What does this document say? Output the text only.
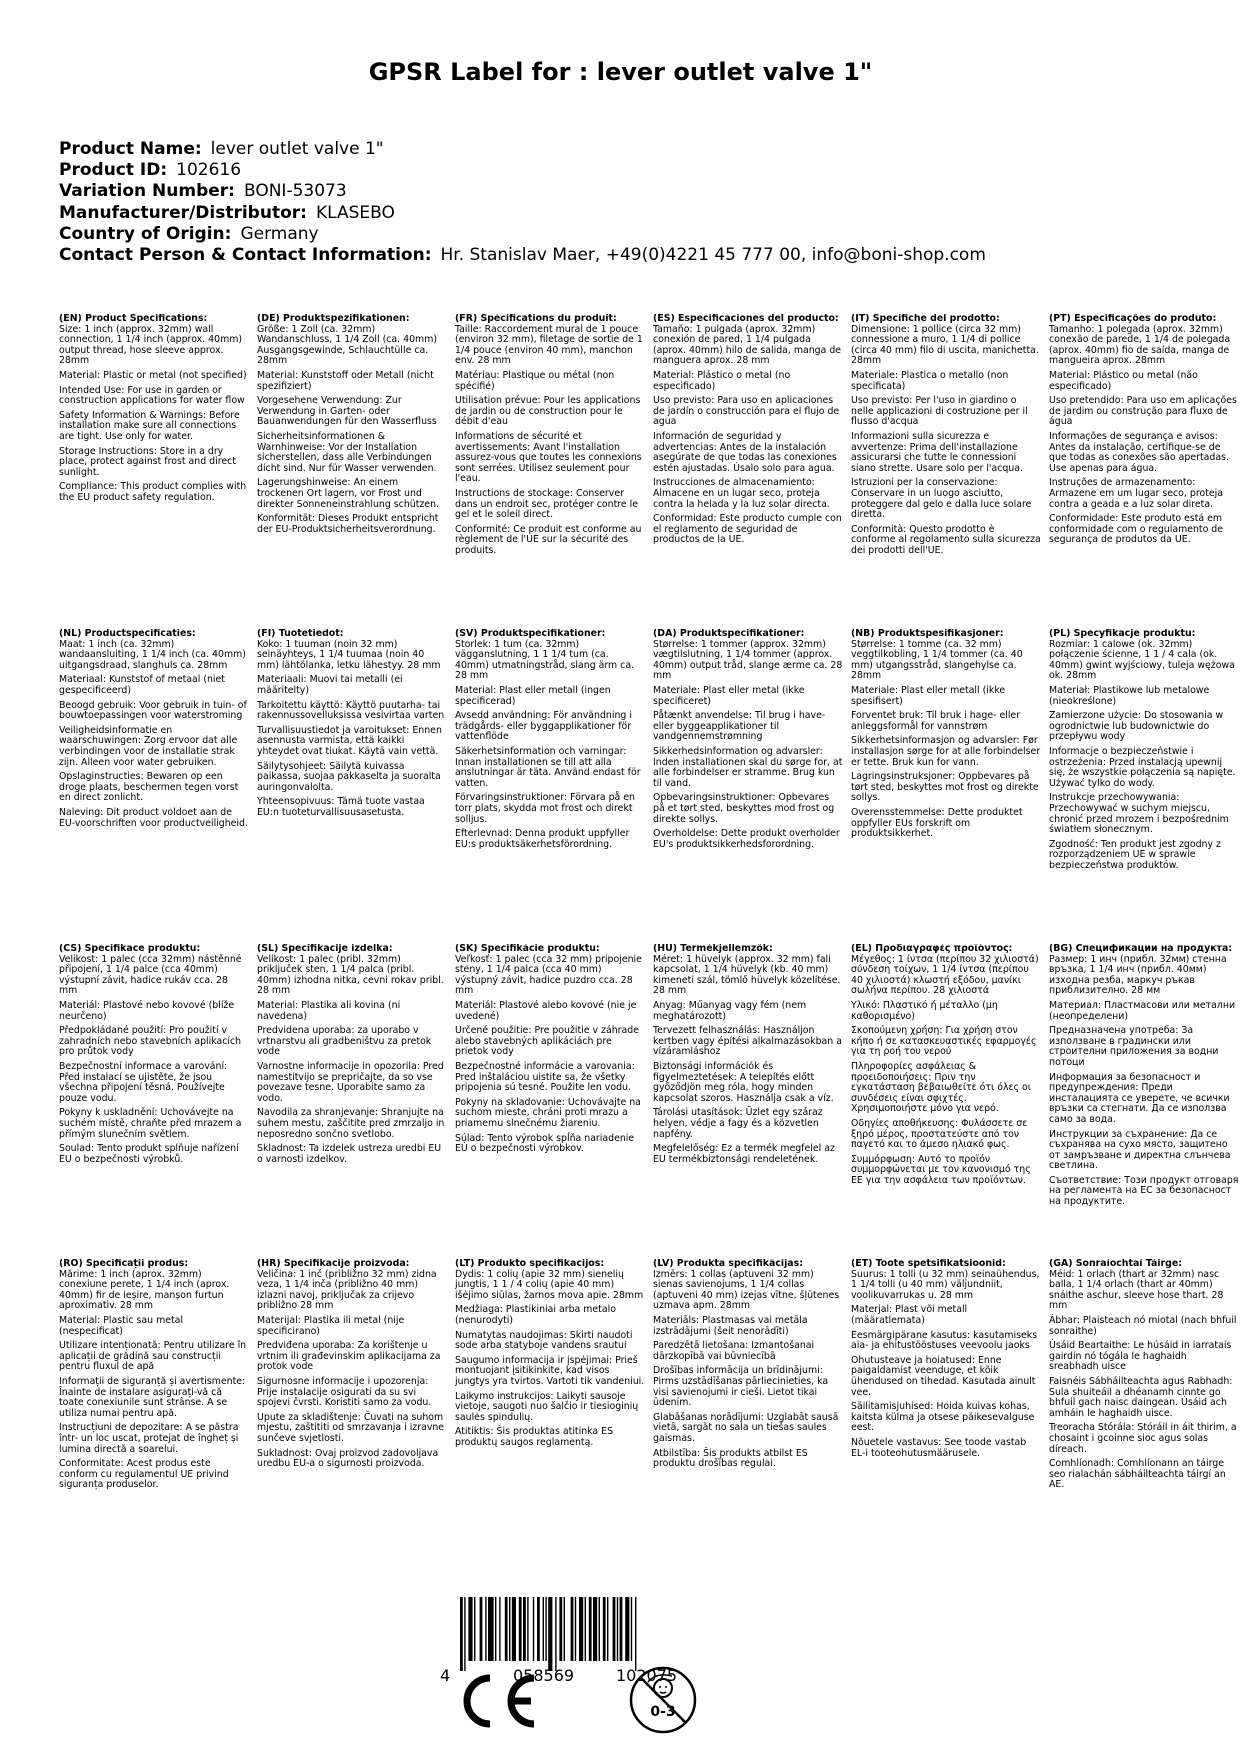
GPSR Label for : lever outlet valve 1"
Product Name: lever outlet valve 1"
Product ID: 102616
Variation Number: BONI-53073
Manufacturer/Distributor: KLASEBO
Country of Origin: Germany
Contact Person & Contact Information: Hr. Stanislav Maer, +49(0)4221 45 777 00, info@boni-shop.com
(EN) Product Specifications:

Size: 1 inch (approx. 32mm) wall connection, 1 1/4 inch (approx. 40mm) output thread, hose sleeve approx. 28mm

Material: Plastic or metal (not specified)

Intended Use: For use in garden or construction applications for water flow

Safety Information & Warnings: Before installation make sure all connections are tight. Use only for water.

Storage Instructions: Store in a dry place, protect against frost and direct sunlight.

Compliance: This product complies with the EU product safety regulation.

(DE) Produktspezifikationen:

Größe: 1 Zoll (ca. 32mm) Wandanschluss, 1 1/4 Zoll (ca. 40mm) Ausgangsgewinde, Schlauchtülle ca. 28mm

Material: Kunststoff oder Metall (nicht spezifiziert)

Vorgesehene Verwendung: Zur Verwendung in Garten- oder Bauanwendungen für den Wasserfluss

Sicherheitsinformationen & Warnhinweise: Vor der Installation sicherstellen, dass alle Verbindungen dicht sind. Nur für Wasser verwenden.

Lagerungshinweise: An einem trockenen Ort lagern, vor Frost und direkter Sonneneinstrahlung schützen.

Konformität: Dieses Produkt entspricht der EU-Produktsicherheitsverordnung.

(FR) Spécifications du produit:

Taille: Raccordement mural de 1 pouce (environ 32 mm), filetage de sortie de 1 1/4 pouce (environ 40 mm), manchon env. 28 mm

Matériau: Plastique ou métal (non spécifié)

Utilisation prévue: Pour les applications de jardin ou de construction pour le débit d'eau

Informations de sécurité et avertissements: Avant l'installation assurez-vous que toutes les connexions sont serrées. Utilisez seulement pour l'eau.

Instructions de stockage: Conserver dans un endroit sec, protéger contre le gel et le soleil direct.

Conformité: Ce produit est conforme au règlement de l'UE sur la sécurité des produits.

(ES) Especificaciones del producto:

Tamaño: 1 pulgada (aprox. 32mm) conexión de pared, 1 1/4 pulgada (aprox. 40mm) hilo de salida, manga de manguera aprox. 28 mm

Material: Plástico o metal (no especificado)

Uso previsto: Para uso en aplicaciones de jardín o construcción para el flujo de agua

Información de seguridad y advertencias: Antes de la instalación asegúrate de que todas las conexiones estén ajustadas. Úsalo solo para agua.

Instrucciones de almacenamiento: Almacene en un lugar seco, proteja contra la helada y la luz solar directa.

Conformidad: Este producto cumple con el reglamento de seguridad de productos de la UE.

(IT) Specifiche del prodotto:

Dimensione: 1 pollice (circa 32 mm) connessione a muro, 1 1/4 di pollice (circa 40 mm) filo di uscita, manichetta. 28mm

Materiale: Plastica o metallo (non specificata)

Uso previsto: Per l'uso in giardino o nelle applicazioni di costruzione per il flusso d'acqua

Informazioni sulla sicurezza e avvertenze: Prima dell'installazione assicurarsi che tutte le connessioni siano strette. Usare solo per l'acqua.

Istruzioni per la conservazione: Conservare in un luogo asciutto, proteggere dal gelo e dalla luce solare diretta.

Conformità: Questo prodotto è conforme al regolamento sulla sicurezza dei prodotti dell'UE.

(PT) Especificações do produto:

Tamanho: 1 polegada (aprox. 32mm) conexão de parede, 1 1/4 de polegada (aprox. 40mm) fio de saída, manga de mangueira aprox. 28mm

Material: Plástico ou metal (não especificado)

Uso pretendido: Para uso em aplicações de jardim ou construção para fluxo de água

Informações de segurança e avisos: Antes da instalação, certifique-se de que todas as conexões são apertadas. Use apenas para água.

Instruções de armazenamento: Armazene em um lugar seco, proteja contra a geada e a luz solar direta.

Conformidade: Este produto está em conformidade com o regulamento de segurança de produtos da UE.

(NL) Productspecificaties:

Maat: 1 inch (ca. 32mm) wandaansluiting, 1 1/4 inch (ca. 40mm) uitgangsdraad, slanghuls ca. 28mm

Materiaal: Kunststof of metaal (niet gespecificeerd)

Beoogd gebruik: Voor gebruik in tuin- of bouwtoepassingen voor waterstroming

Veiligheidsinformatie en waarschuwingen: Zorg ervoor dat alle verbindingen voor de installatie strak zijn. Alleen voor water gebruiken.

Opslaginstructies: Bewaren op een droge plaats, beschermen tegen vorst en direct zonlicht.

Naleving: Dit product voldoet aan de EU-voorschriften voor productveiligheid.

(FI) Tuotetiedot:

Koko: 1 tuuman (noin 32 mm) seinäyhteys, 1 1/4 tuumaa (noin 40 mm) lähtölanka, letku lähestyy. 28 mm

Materiaali: Muovi tai metalli (ei määritelty)

Tarkoitettu käyttö: Käyttö puutarha- tai rakennussovelluksissa vesivirtaa varten

Turvallisuustiedot ja varoitukset: Ennen asennusta varmista, että kaikki yhteydet ovat tiukat. Käytä vain vettä.

Säilytysohjeet: Säilytä kuivassa paikassa, suojaa pakkaselta ja suoralta auringonvalolta.

Yhteensopivuus: Tämä tuote vastaa EU:n tuoteturvallisuusasetusta.

(SV) Produktspecifikationer:

Storlek: 1 tum (ca. 32mm) vägganslutning, 1 1 1/4 tum (ca. 40mm) utmatningstråd, slang ärm ca. 28 mm

Material: Plast eller metall (ingen specificerad)

Avsedd användning: För användning i trädgårds- eller byggapplikationer för vattenflöde

Säkerhetsinformation och varningar: Innan installationen se till att alla anslutningar är täta. Använd endast för vatten.

Förvaringsinstruktioner: Förvara på en torr plats, skydda mot frost och direkt solljus.

Efterlevnad: Denna produkt uppfyller EU:s produktsäkerhetsförordning.

(DA) Produktspecifikationer:

Størrelse: 1 tommer (approx. 32mm) vægtilslutning, 1 1/4 tommer (approx. 40mm) output tråd, slange ærme ca. 28 mm

Materiale: Plast eller metal (ikke specificeret)

Påtænkt anvendelse: Til brug i have- eller byggeapplikationer til vandgennemstrømning

Sikkerhedsinformation og advarsler: Inden installationen skal du sørge for, at alle forbindelser er stramme. Brug kun til vand.

Opbevaringsinstruktioner: Opbevares på et tørt sted, beskyttes mod frost og direkte sollys.

Overholdelse: Dette produkt overholder EU's produktsikkerhedsforordning.

(NB) Produktspesifikasjoner:

Størrelse: 1 tomme (ca. 32 mm) veggtilkobling, 1 1/4 tommer (ca. 40 mm) utgangsstråd, slangehylse ca. 28mm

Materiale: Plast eller metall (ikke spesifisert)

Forventet bruk: Til bruk i hage- eller anleggsformål for vannstrøm

Sikkerhetsinformasjon og advarsler: Før installasjon sørge for at alle forbindelser er tette. Bruk kun for vann.

Lagringsinstruksjoner: Oppbevares på tørt sted, beskyttes mot frost og direkte sollys.

Overensstemmelse: Dette produktet oppfyller EUs forskrift om produktsikkerhet.

(PL) Specyfikacje produktu:

Rozmiar: 1 calowe (ok. 32mm) połączenie ścienne, 1 1 / 4 cala (ok. 40mm) gwint wyjściowy, tuleja wężowa ok. 28mm

Materiał: Plastikowe lub metalowe (nieokreślone)

Zamierzone użycie: Do stosowania w ogrodnictwie lub budownictwie do przepływu wody

Informacje o bezpieczeństwie i ostrzeżenia: Przed instalacją upewnij się, że wszystkie połączenia są napięte. Używać tylko do wody.

Instrukcje przechowywania: Przechowywać w suchym miejscu, chronić przed mrozem i bezpośrednim światłem słonecznym.

Zgodność: Ten produkt jest zgodny z rozporządzeniem UE w sprawie bezpieczeństwa produktów.

(CS) Specifikace produktu:

Velikost: 1 palec (cca 32mm) nástěnné připojení, 1 1/4 palce (cca 40mm) výstupní závit, hadice rukáv cca. 28 mm

Materiál: Plastové nebo kovové (blíže neurčeno)

Předpokládané použití: Pro použití v zahradních nebo stavebních aplikacích pro průtok vody

Bezpečnostní informace a varování: Před instalací se ujistěte, že jsou všechna připojení těsná. Používejte pouze vodu.

Pokyny k uskladnění: Uchovávejte na suchém místě, chraňte před mrazem a přímým slunečním světlem.

Soulad: Tento produkt splňuje nařízení EU o bezpečnosti výrobků.

(SL) Specifikacije izdelka:

Velikost: 1 palec (pribl. 32mm) priključek sten, 1 1/4 palca (pribl. 40mm) izhodna nitka, cevni rokav pribl. 28 mm

Material: Plastika ali kovina (ni navedena)

Predvidena uporaba: za uporabo v vrtnarstvu ali gradbeništvu za pretok vode

Varnostne informacije in opozorila: Pred namestitvijo se prepričajte, da so vse povezave tesne. Uporabite samo za vodo.

Navodila za shranjevanje: Shranjujte na suhem mestu, zaščitite pred zmrzaljo in neposredno sončno svetlobo.

Skladnost: Ta izdelek ustreza uredbi EU o varnosti izdelkov.

(SK) Špecifikácie produktu:

Veľkosť: 1 palec (cca 32 mm) pripojenie steny, 1 1/4 palca (cca 40 mm) výstupný závit, hadice puzdro cca. 28 mm

Materiál: Plastové alebo kovové (nie je uvedené)

Určené použitie: Pre použitie v záhrade alebo stavebných aplikáciách pre prietok vody

Bezpečnostné informácie a varovania: Pred inštaláciou uistite sa, že všetky pripojenia sú tesné. Použite len vodu.

Pokyny na skladovanie: Uchovávajte na suchom mieste, chráni proti mrazu a priamemu slnečnému žiareniu.

Súlad: Tento výrobok spĺňa nariadenie EÚ o bezpečnosti výrobkov.

(HU) Termékjellemzők:

Méret: 1 hüvelyk (approx. 32 mm) fali kapcsolat, 1 1/4 hüvelyk (kb. 40 mm) kimeneti szál, tömlő hüvelyk közelítése. 28 mm

Anyag: Műanyag vagy fém (nem meghatározott)

Tervezett felhasználás: Használjon kertben vagy építési alkalmazásokban a vízáramláshoz

Biztonsági információk és figyelmeztetések: A telepítés előtt győződjön meg róla, hogy minden kapcsolat szoros. Használja csak a víz.

Tárolási utasítások: Üzlet egy száraz helyen, védje a fagy és a közvetlen napfény.

Megfelelőség: Ez a termék megfelel az EU termékbiztonsági rendeletének.

(EL) Προδιαγραφές προϊόντος:

Μέγεθος: 1 ίντσα (περίπου 32 χιλιοστά) σύνδεση τοίχων, 1 1/4 ίντσα (περίπου 40 χιλιοστά) κλωστή εξόδου, μανίκι σωλήνα περίπου. 28 χιλιοστά

Υλικό: Πλαστικό ή μέταλλο (μη καθορισμένο)

Σκοπούμενη χρήση: Για χρήση στον κήπο ή σε κατασκευαστικές εφαρμογές για τη ροή του νερού

Πληροφορίες ασφάλειας & προειδοποιήσεις: Πριν την εγκατάσταση βεβαιωθείτε ότι όλες οι συνδέσεις είναι σφιχτές. Χρησιμοποιήστε μόνο για νερό.

Οδηγίες αποθήκευσης: Φυλάσσετε σε ξηρό μέρος, προστατεύστε από τον παγετό και το άμεσο ηλιακό φως.

Συμμόρφωση: Αυτό το προϊόν συμμορφώνεται με τον κανονισμό της ΕΕ για την ασφάλεια των προϊόντων.

(BG) Спецификации на продукта:

Размер: 1 инч (прибл. 32мм) стенна връзка, 1 1/4 инч (прибл. 40мм) изходна резба, маркуч ръкав приблизително. 28 мм

Материал: Пластмасови или метални (неопределени)

Предназначена употреба: За използване в градински или строителни приложения за водни потоци

Информация за безопасност и предупреждения: Преди инсталацията се уверете, че всички връзки са стегнати. Да се използва само за вода.

Инструкции за съхранение: Да се съхранява на сухо място, защитено от замръзване и директна слънчева светлина.

Съответствие: Този продукт отговаря на регламента на ЕС за безопасност на продуктите.

(RO) Specificații produs:

Mărime: 1 inch (aprox. 32mm) conexiune perete, 1 1/4 inch (aprox. 40mm) fir de ieșire, manșon furtun aproximativ. 28 mm

Material: Plastic sau metal (nespecificat)

Utilizare intenționată: Pentru utilizare în aplicații de grădină sau construcții pentru fluxul de apă

Informații de siguranță și avertismente: Înainte de instalare asigurați-vă că toate conexiunile sunt strânse. A se utiliza numai pentru apă.

Instrucțiuni de depozitare: A se păstra într- un loc uscat, protejat de îngheț și lumina directă a soarelui.

Conformitate: Acest produs este conform cu regulamentul UE privind siguranța produselor.

(HR) Specifikacije proizvoda:

Veličina: 1 inč (približno 32 mm) zidna veza, 1 1/4 inča (približno 40 mm) izlazni navoj, priključak za crijevo približno 28 mm

Materijal: Plastika ili metal (nije specificirano)

Predviđena uporaba: Za korištenje u vrtnim ili građevinskim aplikacijama za protok vode

Sigurnosne informacije i upozorenja: Prije instalacije osigurati da su svi spojevi čvrsti. Koristiti samo za vodu.

Upute za skladištenje: Čuvati na suhom mjestu, zaštititi od smrzavanja i izravne sunčeve svjetlosti.

Sukladnost: Ovaj proizvod zadovoljava uredbu EU-a o sigurnosti proizvoda.

(LT) Produkto specifikacijos:

Dydis: 1 colių (apie 32 mm) sienelių jungtis, 1 1 / 4 colių (apie 40 mm) išėjimo siūlas, žarnos mova apie. 28mm

Medžiaga: Plastikiniai arba metalo (nenurodyti)

Numatytas naudojimas: Skirti naudoti sode arba statyboje vandens srautui

Saugumo informacija ir įspėjimai: Prieš montuojant įsitikinkite, kad visos jungtys yra tvirtos. Vartoti tik vandeniui.

Laikymo instrukcijos: Laikyti sausoje vietoje, saugoti nuo šalčio ir tiesioginių saulės spindulių.

Atitiktis: Šis produktas atitinka ES produktų saugos reglamentą.

(LV) Produkta specifikācijas:

Izmērs: 1 collas (aptuveni 32 mm) sienas savienojums, 1 1/4 collas (aptuveni 40 mm) izejas vītne, šļūtenes uzmava apm. 28mm

Materiāls: Plastmasas vai metāla izstrādājumi (šeit nenorādīti)

Paredzētā lietošana: Izmantošanai dārzkopībā vai būvniecībā

Drošības informācija un brīdinājumi: Pirms uzstādīšanas pārliecinieties, ka visi savienojumi ir cieši. Lietot tikai ūdenim.

Glabāšanas norādījumi: Uzglabāt sausā vietā, sargāt no sala un tiešas saules gaismas.

Atbilstība: Šis produkts atbilst ES produktu drošības regulai.

(ET) Toote spetsifikatsioonid:

Suurus: 1 tolli (u 32 mm) seinaühendus, 1 1/4 tolli (u 40 mm) väljundniit, voolikuvarrukas u. 28 mm

Materjal: Plast või metall (määratlemata)

Eesmärgipärane kasutus: kasutamiseks aia- ja ehitustööstuses veevoolu jaoks

Ohutusteave ja hoiatused: Enne paigaldamist veenduge, et kõik ühendused on tihedad. Kasutada ainult vee.

Säilitamisjuhised: Hoida kuivas kohas, kaitsta külma ja otsese päikesevalguse eest.

Nõuetele vastavus: See toode vastab EL-i tooteohutusmäärusele.

(GA) Sonraíochtaí Táirge:

Méid: 1 orlach (thart ar 32mm) nasc balla, 1 1/4 orlach (thart ar 40mm) snáithe aschur, sleeve hose thart. 28 mm

Ábhar: Plaisteach nó miotal (nach bhfuil sonraithe)

Úsáid Beartaithe: Le húsáid in iarratais gairdín nó tógála le haghaidh sreabhadh uisce

Faisnéis Sábháilteachta agus Rabhadh: Sula shuiteáil a dhéanamh cinnte go bhfuil gach naisc daingean. Úsáid ach amháin le haghaidh uisce.

Treoracha Stórála: Stóráil in áit thirim, a chosaint i gcoinne sioc agus solas díreach.

Comhlíonadh: Comhlíonann an táirge seo rialachán sábháilteachta táirgí an AE.

4	058569	102075
0-3
